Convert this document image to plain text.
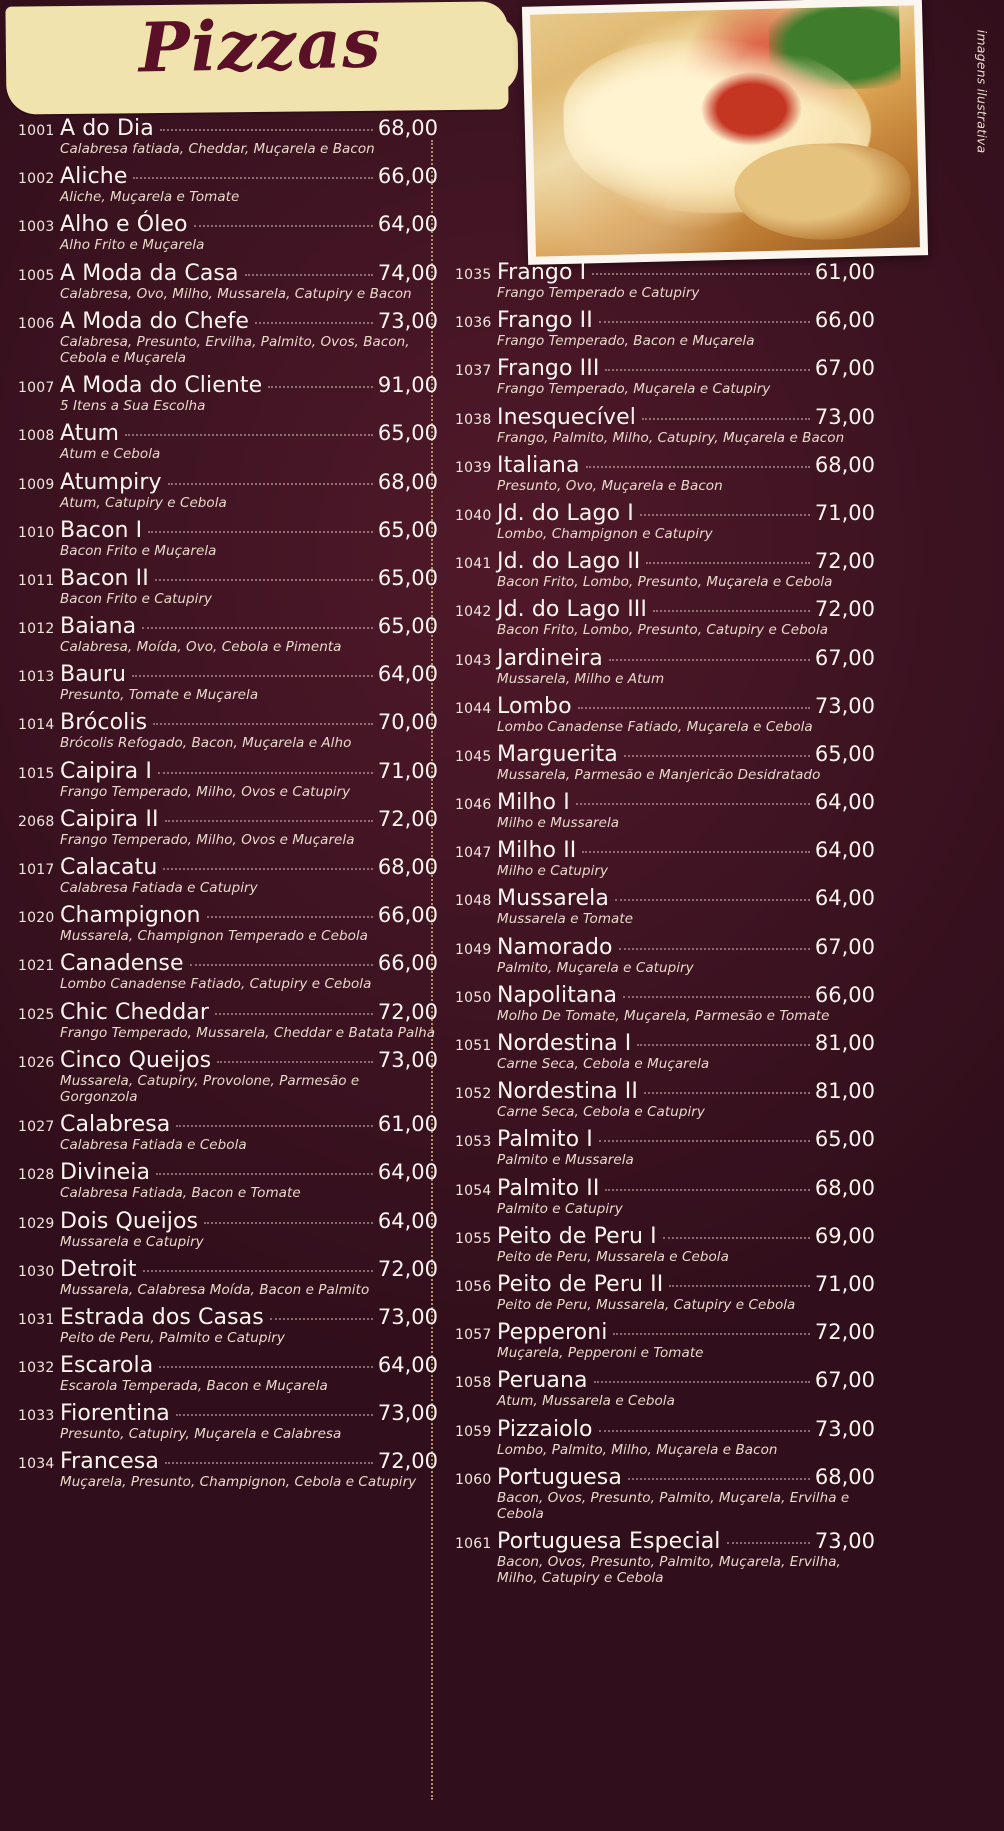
Pizzas	imagens ilustrativa
1001 A do Dia	68,00
Calabresa fatiada, Cheddar, Muçarela e Bacon
1002 Aliche	66,00
Aliche, Muçarela e Tomate
1003 Alho e Óleo	64,00
Alho Frito e Muçarela
1005 A Moda da Casa	74,00
Calabresa, Ovo, Milho, Mussarela, Catupiry e Bacon
1006 A Moda do Chefe	73,00
Calabresa, Presunto, Ervilha, Palmito, Ovos, Bacon, Cebola e Muçarela
1007 A Moda do Cliente	91,00
5 Itens a Sua Escolha
1008 Atum	65,00
Atum e Cebola
1009 Atumpiry	68,00
Atum, Catupiry e Cebola
1010 Bacon I	65,00
Bacon Frito e Muçarela
1011 Bacon II	65,00
Bacon Frito e Catupiry
1012 Baiana	65,00
Calabresa, Moída, Ovo, Cebola e Pimenta
1013 Bauru	64,00
Presunto, Tomate e Muçarela
1014 Brócolis	70,00
Brócolis Refogado, Bacon, Muçarela e Alho
1015 Caipira I	71,00
Frango Temperado, Milho, Ovos e Catupiry
2068 Caipira II	72,00
Frango Temperado, Milho, Ovos e Muçarela
1017 Calacatu	68,00
Calabresa Fatiada e Catupiry
1020 Champignon	66,00
Mussarela, Champignon Temperado e Cebola
1021 Canadense	66,00
Lombo Canadense Fatiado, Catupiry e Cebola
1025 Chic Cheddar	72,00
Frango Temperado, Mussarela, Cheddar e Batata Palha
1026 Cinco Queijos	73,00
Mussarela, Catupiry, Provolone, Parmesão e Gorgonzola
1027 Calabresa	61,00
Calabresa Fatiada e Cebola
1028 Divineia	64,00
Calabresa Fatiada, Bacon e Tomate
1029 Dois Queijos	64,00
Mussarela e Catupiry
1030 Detroit	72,00
Mussarela, Calabresa Moída, Bacon e Palmito
1031 Estrada dos Casas	73,00
Peito de Peru, Palmito e Catupiry
1032 Escarola	64,00
Escarola Temperada, Bacon e Muçarela
1033 Fiorentina	73,00
Presunto, Catupiry, Muçarela e Calabresa
1034 Francesa	72,00
Muçarela, Presunto, Champignon, Cebola e Catupiry
1035 Frango I	61,00
Frango Temperado e Catupiry
1036 Frango II	66,00
Frango Temperado, Bacon e Muçarela
1037 Frango III	67,00
Frango Temperado, Muçarela e Catupiry
1038 Inesquecível	73,00
Frango, Palmito, Milho, Catupiry, Muçarela e Bacon
1039 Italiana	68,00
Presunto, Ovo, Muçarela e Bacon
1040 Jd. do Lago I	71,00
Lombo, Champignon e Catupiry
1041 Jd. do Lago II	72,00
Bacon Frito, Lombo, Presunto, Muçarela e Cebola
1042 Jd. do Lago III	72,00
Bacon Frito, Lombo, Presunto, Catupiry e Cebola
1043 Jardineira	67,00
Mussarela, Milho e Atum
1044 Lombo	73,00
Lombo Canadense Fatiado, Muçarela e Cebola
1045 Marguerita	65,00
Mussarela, Parmesão e Manjericão Desidratado
1046 Milho I	64,00
Milho e Mussarela
1047 Milho II	64,00
Milho e Catupiry
1048 Mussarela	64,00
Mussarela e Tomate
1049 Namorado	67,00
Palmito, Muçarela e Catupiry
1050 Napolitana	66,00
Molho De Tomate, Muçarela, Parmesão e Tomate
1051 Nordestina I	81,00
Carne Seca, Cebola e Muçarela
1052 Nordestina II	81,00
Carne Seca, Cebola e Catupiry
1053 Palmito I	65,00
Palmito e Mussarela
1054 Palmito II	68,00
Palmito e Catupiry
1055 Peito de Peru I	69,00
Peito de Peru, Mussarela e Cebola
1056 Peito de Peru II	71,00
Peito de Peru, Mussarela, Catupiry e Cebola
1057 Pepperoni	72,00
Muçarela, Pepperoni e Tomate
1058 Peruana	67,00
Atum, Mussarela e Cebola
1059 Pizzaiolo	73,00
Lombo, Palmito, Milho, Muçarela e Bacon
1060 Portuguesa	68,00
Bacon, Ovos, Presunto, Palmito, Muçarela, Ervilha e Cebola
1061 Portuguesa Especial	73,00
Bacon, Ovos, Presunto, Palmito, Muçarela, Ervilha, Milho, Catupiry e Cebola
